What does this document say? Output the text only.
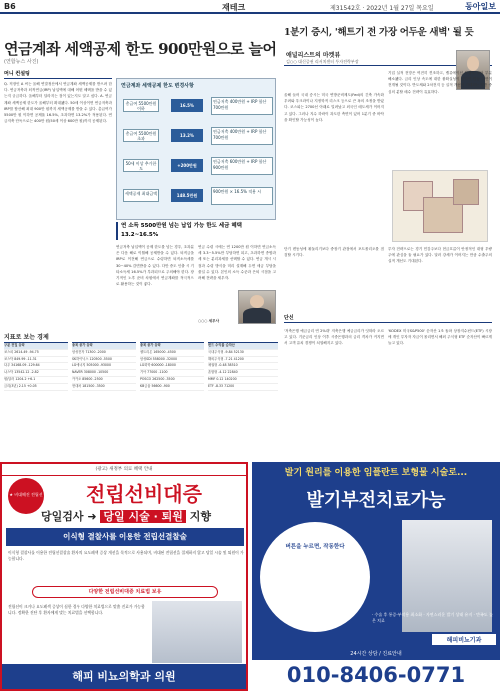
B6	재테크	제31542호 · 2022년 1월 27일 목요일	동아일보
연금계좌 세액공제 한도 900만원으로 늘어
(연합뉴스 사진)
머니 컨설팅
Q. 직장인 A 씨는 올해 연말정산에서 연금계좌 세액공제를 받으려 한다. 연금저축과 퇴직연금(IRP) 납입액에 대해 어떤 혜택을 받을 수 있는지 궁금하다. 올해부터 달라지는 점이 있는지도 알고 싶다. A. 연금계좌 세액공제 한도가 올해부터 확대됐다. 50세 이상이면 연금저축과 IRP를 합산해 최대 900만 원까지 세액공제를 받을 수 있다. 총급여가 5500만 원 이하면 공제율 16.5%, 초과하면 13.2%가 적용된다. 연금저축 단독으로는 400만 원(50세 이상 600만 원)까지 공제된다.
연금계좌 세액공제 한도 변경사항
총급여 5500만원 이하
16.5%
연금저축 400만원 + IRP 합산 700만원
총급여 5500만원 초과
13.2%
연금저축 400만원 + IRP 합산 700만원
50세 이상 추가한도
+200만원
연금저축 600만원 + IRP 합산 900만원
세액공제 최대금액	148.5만원
900만원 × 16.5% 적용 시
연 소득 5500만원 넘는 납입 가능 한도 세금 혜택 13.2~16.5%
연금저축 납입액이 공제 한도를 넘는 경우, 초과분은 다음 해로 이월해 공제받을 수 있다. 퇴직금을 IRP로 이전해 연금으로 수령하면 퇴직소득세를 30~40% 감면받을 수 있다. 다만 중도 인출 시 기타소득세 16.5%가 부과되므로 주의해야 한다. 장기적인 노후 준비 차원에서 연금계좌를 적극적으로 활용하는 것이 좋다.
연금 수령 시에는 연 1200만 원 이하면 연금소득세 3.3~5.5%만 부담하면 되고, 초과하면 종합과세 또는 분리과세를 선택할 수 있다. 연금 개시 시점과 수령 방식을 미리 설계해 두면 세금 부담을 줄일 수 있다. 본인의 소득 수준과 은퇴 시점을 고려해 전략을 세우자.
○○○ 세무사
1분기 증시, '해트기 전 가장 어두운 새벽' 될 듯
애널리스트의 마켓뷰
김○○ 대신증권 리서치센터 투자전략부장
올해 들어 국내 증시는 미국 연방준비제도(Fed)의 긴축 가속화 우려와 우크라이나 지정학적 리스크 등으로 큰 폭의 조정을 받았다. 코스피는 2700선 아래로 밀려났고 외국인 매도세가 이어지고 있다. 그러나 지수 하락이 과도한 측면이 있어 1분기 중 바닥을 확인할 가능성이 높다.
기업 실적 전망은 여전히 견조하고, 밸류에이션 부담도 상당 부분 해소됐다. 금리 인상 속도에 대한 불확실성이 걷히면 반등 국면이 전개될 것이다. 반도체와 2차전지 등 실적 개선이 기대되는 업종 중심의 분할 매수 전략이 유효하다.
투자 전략으로는 경기 민감주보다 현금흐름이 안정적인 대형 우량주에 관심을 둘 필요가 있다. 달러 강세가 이어지는 만큼 수출주의 실적 개선도 기대된다.
단기 변동성에 휘둘리기보다 중장기 관점에서 포트폴리오를 점검할 시기다.
단신
'저축은행 예금금리 연 2%대' 저축은행 예금금리가 잇따라 오르고 있다. 기준금리 인상 이후 시중은행과의 금리 격차가 커지면서 고객 유치 경쟁이 치열해지고 있다.
'KODEX 미국S&P500' 순자산 1조 돌파 상장지수펀드(ETF) 시장에 개인 투자자 자금이 몰리면서 해외 주식형 ETF 순자산이 빠르게 늘고 있다.
지표로 보는 경제
구분 전일 등락
코스피 2614.49 -94.75
코스닥 849.99 -11.31
다우 34168.09 -129.64
나스닥 13542.12 -2.82
원/달러 1204.2 +6.1
금리(3년) 2.15 +0.05
종목 종가 등락
삼성전자 71300 -2000
SK하이닉스 120500 -5500
LG에너지 505000 -93000
NAVER 308000 -10500
카카오 85600 -2500
현대차 181500 -3500
종목 종가 등락
셀트리온 165000 -4500
삼성SDI 558000 -32000
LG화학 600000 -18000
기아 77000 -1100
POSCO 262500 -3500
KB금융 56600 -900
펀드 수익률 순자산
국내주식형 -9.84 52130
해외주식형 -7.21 41200
채권형 -0.48 38510
혼합형 -4.12 22840
MMF 0.12 140200
ETF -8.33 71200
(광고) 새정부 의료 혜택 안내
★ 비대해진 전립선	전립선비대증
당일검사 ➜ 당일 시술 · 퇴원 지향
이식형 결찰사를 이용한 전립선결찰술
이식형 결찰사를 이용한 전립선결찰술 환자의 요도폐색 증상 개선을 목적으로 사용되며, 비대된 전립선을 절제하지 않고 당일 시술 및 퇴원이 가능합니다.
다양한 전립선비대증 치료법 보유
전립선이 크거나 요도폐색 증상이 심한 경우 다양한 치료법으로 맞춤 진료가 가능합니다. 정확한 진단 후 환자에게 맞는 치료법을 선택합니다.
해피 비뇨의학과 의원
발기 원리를 이용한 임플란트 보형물 시술로...
발기부전치료가능
버튼을 누르면, 작동한다
· 수술 후 통증·부작용 최소화 · 자연스러운 발기 상태 유지 · 만족도 높은 치료
해피비뇨기과
24시간 상담 / 진료안내
010-8406-0771
